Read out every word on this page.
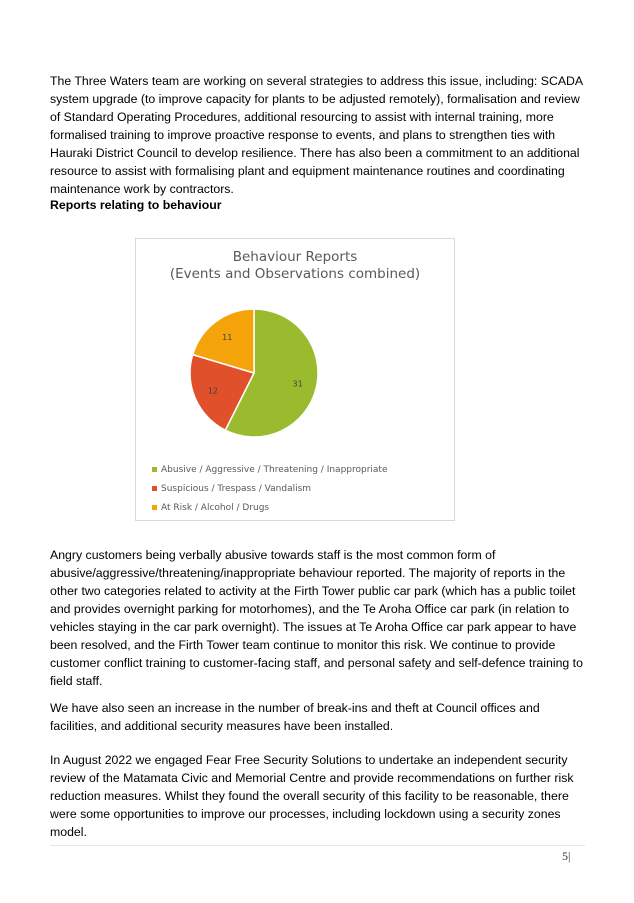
The Three Waters team are working on several strategies to address this issue, including: SCADA system upgrade (to improve capacity for plants to be adjusted remotely), formalisation and review of Standard Operating Procedures, additional resourcing to assist with internal training, more formalised training to improve proactive response to events, and plans to strengthen ties with Hauraki District Council to develop resilience. There has also been a commitment to an additional resource to assist with formalising plant and equipment maintenance routines and coordinating maintenance work by contractors.

Reports relating to behaviour

Behaviour Reports
(Events and Observations combined)
31
12
11
Abusive / Aggressive / Threatening / Inappropriate
Suspicious / Trespass / Vandalism
At Risk / Alcohol / Drugs

Angry customers being verbally abusive towards staff is the most common form of abusive/aggressive/threatening/inappropriate behaviour reported. The majority of reports in the other two categories related to activity at the Firth Tower public car park (which has a public toilet and provides overnight parking for motorhomes), and the Te Aroha Office car park (in relation to vehicles staying in the car park overnight). The issues at Te Aroha Office car park appear to have been resolved, and the Firth Tower team continue to monitor this risk. We continue to provide customer conflict training to customer-facing staff, and personal safety and self-defence training to field staff.

We have also seen an increase in the number of break-ins and theft at Council offices and facilities, and additional security measures have been installed.

In August 2022 we engaged Fear Free Security Solutions to undertake an independent security review of the Matamata Civic and Memorial Centre and provide recommendations on further risk reduction measures. Whilst they found the overall security of this facility to be reasonable, there were some opportunities to improve our processes, including lockdown using a security zones model.

5|
